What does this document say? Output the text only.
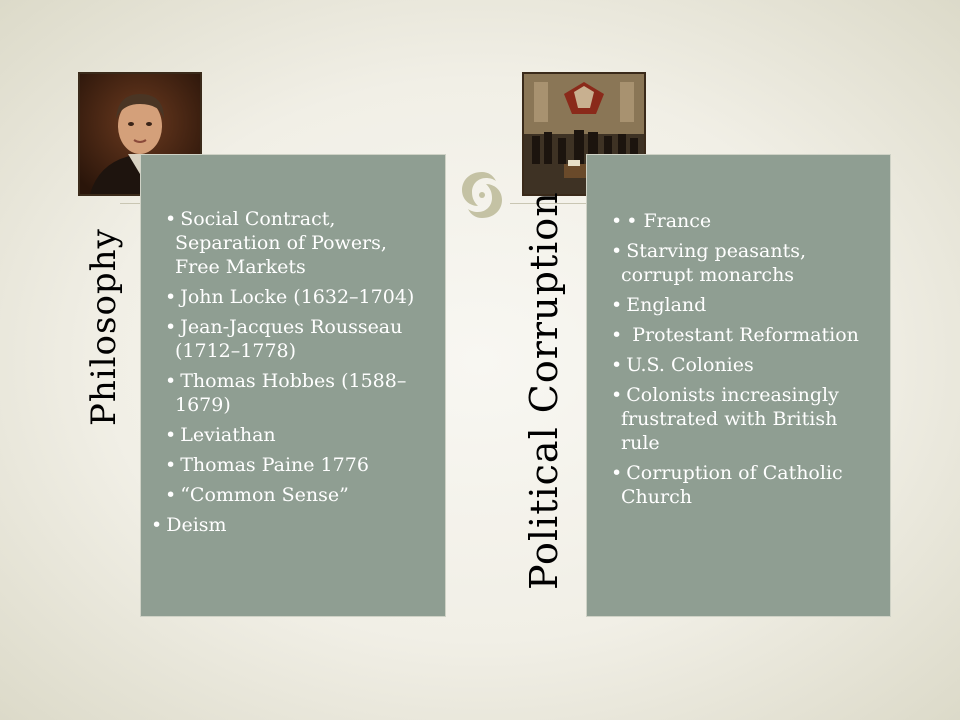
• Social Contract, Separation of Powers, Free Markets
• John Locke (1632–1704)
• Jean-Jacques Rousseau (1712–1778)
• Thomas Hobbes (1588–1679)
• Leviathan
• Thomas Paine 1776
• “Common Sense”
• Deism
• • France
• Starving peasants, corrupt monarchs
• England
• Protestant Reformation
• U.S. Colonies
• Colonists increasingly frustrated with British rule
• Corruption of Catholic Church
Philosophy	Political Corruption
